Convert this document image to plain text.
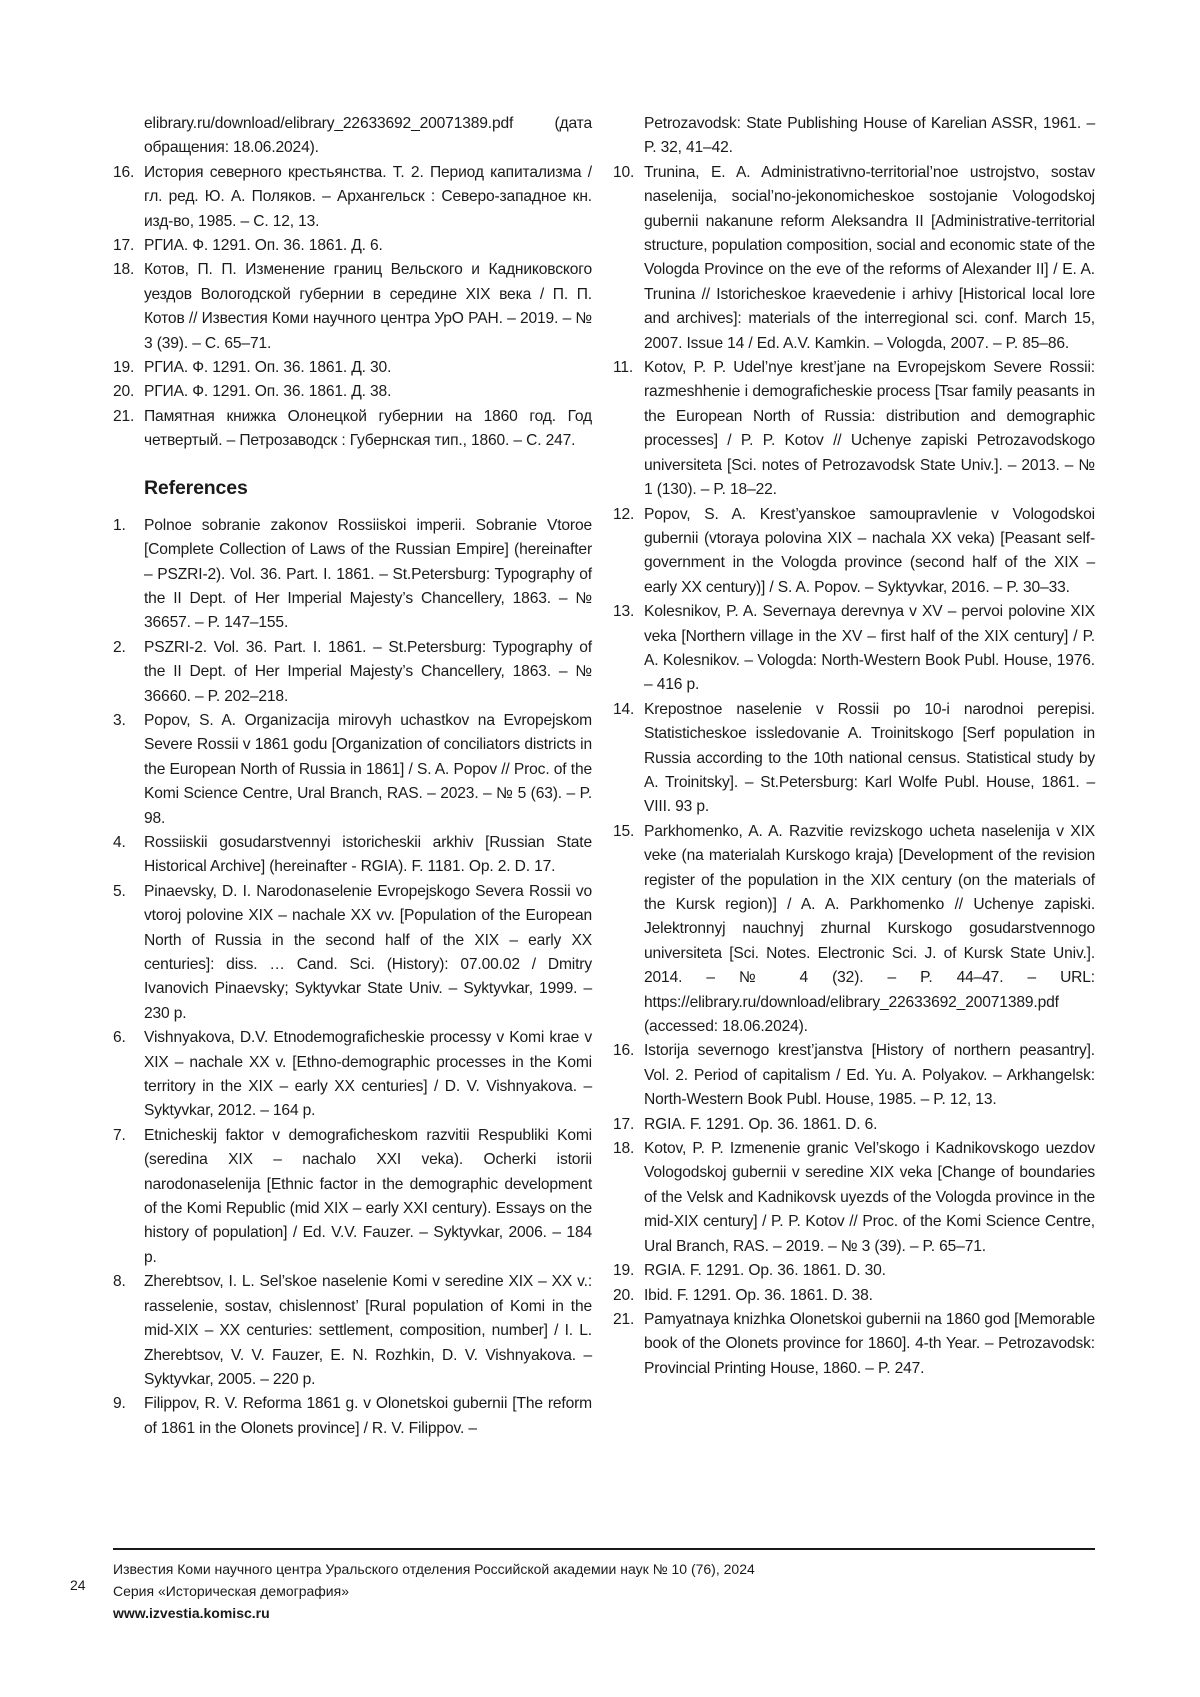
elibrary.ru/download/elibrary_22633692_20071389.pdf (дата обращения: 18.06.2024).
16. История северного крестьянства. Т. 2. Период капитализма / гл. ред. Ю. А. Поляков. – Архангельск : Северо-западное кн. изд-во, 1985. – С. 12, 13.
17. РГИА. Ф. 1291. Оп. 36. 1861. Д. 6.
18. Котов, П. П. Изменение границ Вельского и Кадниковского уездов Вологодской губернии в середине XIX века / П. П. Котов // Известия Коми научного центра УрО РАН. – 2019. – № 3 (39). – С. 65–71.
19. РГИА. Ф. 1291. Оп. 36. 1861. Д. 30.
20. РГИА. Ф. 1291. Оп. 36. 1861. Д. 38.
21. Памятная книжка Олонецкой губернии на 1860 год. Год четвертый. – Петрозаводск : Губернская тип., 1860. – С. 247.
References
1. Polnoe sobranie zakonov Rossiiskoi imperii. Sobranie Vtoroe [Complete Collection of Laws of the Russian Empire] (hereinafter – PSZRI-2). Vol. 36. Part. I. 1861. – St.Petersburg: Typography of the II Dept. of Her Imperial Majesty’s Chancellery, 1863. – № 36657. – P. 147–155.
2. PSZRI-2. Vol. 36. Part. I. 1861. – St.Petersburg: Typography of the II Dept. of Her Imperial Majesty’s Chancellery, 1863. – № 36660. – P. 202–218.
3. Popov, S. A. Organizacija mirovyh uchastkov na Evropejskom Severe Rossii v 1861 godu [Organization of conciliators districts in the European North of Russia in 1861] / S. A. Popov // Proc. of the Komi Science Centre, Ural Branch, RAS. – 2023. – № 5 (63). – P. 98.
4. Rossiiskii gosudarstvennyi istoricheskii arkhiv [Russian State Historical Archive] (hereinafter - RGIA). F. 1181. Op. 2. D. 17.
5. Pinaevsky, D. I. Narodonaselenie Evropejskogo Severa Rossii vo vtoroj polovine XIX – nachale XX vv. [Population of the European North of Russia in the second half of the XIX – early XX centuries]: diss. … Cand. Sci. (History): 07.00.02 / Dmitry Ivanovich Pinaevsky; Syktyvkar State Univ. – Syktyvkar, 1999. – 230 p.
6. Vishnyakova, D.V. Etnodemograficheskie processy v Komi krae v XIX – nachale XX v. [Ethno-demographic processes in the Komi territory in the XIX – early XX centuries] / D. V. Vishnyakova. – Syktyvkar, 2012. – 164 p.
7. Etnicheskij faktor v demograficheskom razvitii Respubliki Komi (seredina XIX – nachalo XXI veka). Ocherki istorii narodonaselenija [Ethnic factor in the demographic development of the Komi Republic (mid XIX – early XXI century). Essays on the history of population] / Ed. V.V. Fauzer. – Syktyvkar, 2006. – 184 p.
8. Zherebtsov, I. L. Sel’skoe naselenie Komi v seredine XIX – XX v.: rasselenie, sostav, chislennost’ [Rural population of Komi in the mid-XIX – XX centuries: settlement, composition, number] / I. L. Zherebtsov, V. V. Fauzer, E. N. Rozhkin, D. V. Vishnyakova. – Syktyvkar, 2005. – 220 p.
9. Filippov, R. V. Reforma 1861 g. v Olonetskoi gubernii [The reform of 1861 in the Olonets province] / R. V. Filippov. –
Petrozavodsk: State Publishing House of Karelian ASSR, 1961. – P. 32, 41–42.
10. Trunina, E. A. Administrativno-territorial’noe ustrojstvo, sostav naselenija, social’no-jekonomicheskoe sostojanie Vologodskoj gubernii nakanune reform Aleksandra II [Administrative-territorial structure, population composition, social and economic state of the Vologda Province on the eve of the reforms of Alexander II] / E. A. Trunina // Istoricheskoe kraevedenie i arhivy [Historical local lore and archives]: materials of the interregional sci. conf. March 15, 2007. Issue 14 / Ed. A.V. Kamkin. – Vologda, 2007. – P. 85–86.
11. Kotov, P. P. Udel’nye krest’jane na Evropejskom Severe Rossii: razmeshhenie i demograficheskie process [Tsar family peasants in the European North of Russia: distribution and demographic processes] / P. P. Kotov // Uchenye zapiski Petrozavodskogo universiteta [Sci. notes of Petrozavodsk State Univ.]. – 2013. – № 1 (130). – P. 18–22.
12. Popov, S. A. Krest’yanskoe samoupravlenie v Vologodskoi gubernii (vtoraya polovina XIX – nachala XX veka) [Peasant self-government in the Vologda province (second half of the XIX – early XX century)] / S. A. Popov. – Syktyvkar, 2016. – P. 30–33.
13. Kolesnikov, P. A. Severnaya derevnya v XV – pervoi polovine XIX veka [Northern village in the XV – first half of the XIX century] / P. A. Kolesnikov. – Vologda: North-Western Book Publ. House, 1976. – 416 p.
14. Krepostnoe naselenie v Rossii po 10-i narodnoi perepisi. Statisticheskoe issledovanie A. Troinitskogo [Serf population in Russia according to the 10th national census. Statistical study by A. Troinitsky]. – St.Petersburg: Karl Wolfe Publ. House, 1861. – VIII. 93 p.
15. Parkhomenko, A. A. Razvitie revizskogo ucheta naselenija v XIX veke (na materialah Kurskogo kraja) [Development of the revision register of the population in the XIX century (on the materials of the Kursk region)] / A. A. Parkhomenko // Uchenye zapiski. Jelektronnyj nauchnyj zhurnal Kurskogo gosudarstvennogo universiteta [Sci. Notes. Electronic Sci. J. of Kursk State Univ.]. 2014. – № 4 (32). – P. 44–47. – URL: https://elibrary.ru/download/elibrary_22633692_20071389.pdf (accessed: 18.06.2024).
16. Istorija severnogo krest’janstva [History of northern peasantry]. Vol. 2. Period of capitalism / Ed. Yu. A. Polyakov. – Arkhangelsk: North-Western Book Publ. House, 1985. – P. 12, 13.
17. RGIA. F. 1291. Op. 36. 1861. D. 6.
18. Kotov, P. P. Izmenenie granic Vel’skogo i Kadnikovskogo uezdov Vologodskoj gubernii v seredine XIX veka [Change of boundaries of the Velsk and Kadnikovsk uyezds of the Vologda province in the mid-XIX century] / P. P. Kotov // Proc. of the Komi Science Centre, Ural Branch, RAS. – 2019. – № 3 (39). – P. 65–71.
19. RGIA. F. 1291. Op. 36. 1861. D. 30.
20. Ibid. F. 1291. Op. 36. 1861. D. 38.
21. Pamyatnaya knizhka Olonetskoi gubernii na 1860 god [Memorable book of the Olonets province for 1860]. 4-th Year. – Petrozavodsk: Provincial Printing House, 1860. – P. 247.
24
Известия Коми научного центра Уральского отделения Российской академии наук № 10 (76), 2024
Серия «Историческая демография»
www.izvestia.komisc.ru
